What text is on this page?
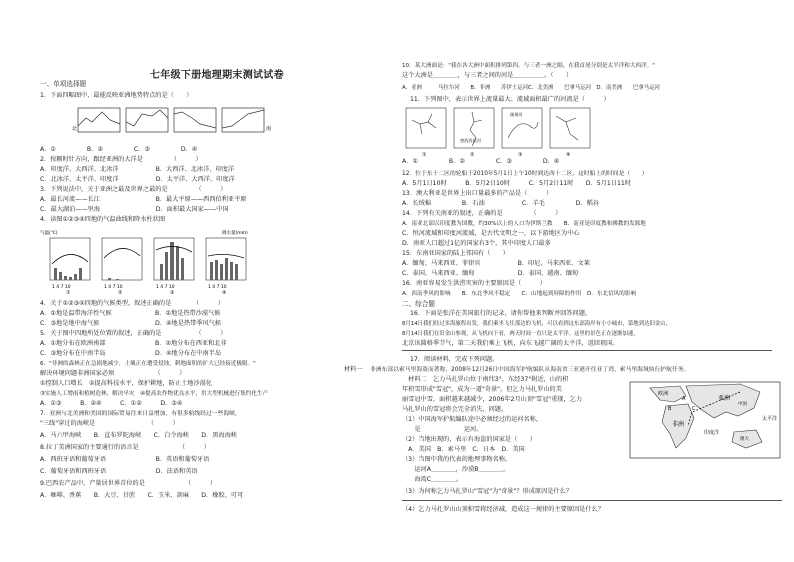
七年级下册地理期末测试试卷
一、单项选择题
1．下面四幅图中，最能反映亚洲地势特点的是（　　）
北	南
A．①　　　　　B．②　　　　　C．③　　　　　D．④
2．按顺时针方向，跟经亚洲的大洋是　　　　　（　　　）
A．印度洋、大西洋、北冰洋　　　　　　B．大西洋、北冰洋、印度洋
C．北冰洋、太平洋、印度洋　　　　　　D．太平洋、大西洋、印度洋
3．下列说法中，关于亚洲之最及世界之最的是　　　　　（　　　）
A．最长河流——长江　　　　　　　　　B．最大平原——西西伯利亚平原
C．最大湖泊——里海　　　　　　　　　D．面积最大国家——中国
4．读图①②③④四地的气温曲线和降水柱状图
气温(℃)	降水量(mm)
1 4 7 10	1 4 7 10	1 4 7 10	1 4 7 10
①	②	③	④
4．关于①②③④四地的气候类型，叙述正确的是　　　　（　　　）
A．①地是温带海洋性气候　　　　　　　B．②地是热带沙漠气候
C．③地是地中海气候　　　　　　　　　D．④地是热带季风气候
5．关于图中四地所处位置的叙述，正确的是　　　　　　（　　　）
A．①地分布在欧洲南部　　　　　　　　B．②地分布在西亚和北非
C．③地分布在中南半岛　　　　　　　　D．④地分布在中南半岛
6．"非洲的森林正在急剧地减少，土壤正在遭受侵蚀，耕地面积的扩大已经接近极限。"
解决环境问题非洲国家必须　　　　　　　（　　　）
①控制人口增长　②提高科技水平，保护耕地，防止土地沙漠化
③实施人工增雨和植树造林，解决旱灾　④提高农作物优良水平，用大型机械进行集约化生产
A．①③　　　B．②④　　　C．①②　　　D．③④
7．亚洲与北美洲和美国的国际贸易往来日益增加，有很多航线经过一些海峡，
"三线"穿过的海峡是　　　　　　　　　（　　　）
A．马六甲海峡　　B．直布罗陀海峡　　C．白令海峡　　D．黑海海峡
8.拉丁美洲国家的主要通行的语言是　　　　　　　（　　　）
A．西班牙语和葡萄牙语　　　　　　　　B．英语和葡萄牙语
C．葡萄牙语和西班牙语　　　　　　　　D．法语和英语
9.巴西农产品中，产量居世界首位的是　　　　　　　（　　　）
A．咖啡、香蕉　　B．大豆、甘蔗　　C．玉米、剑麻　　D．橡胶、可可
10．某大洲面是："我在各大洲中面积排列第四，与三者一洲之隔，在我首尾分别是太平洋和大西洋。"
这个大洲是＿＿＿＿，与三者之间的河是＿＿＿＿＿。（　　）
A．亚洲　　　马拉尔河　　B．非洲　　苏伊士运河C．北美洲　　巴拿马运河　D．南美洲　　巴拿马运河
11．下列图中，表示世界上流量最大、流域面积最广的河流是（　　　）
密西西比河
刚果河
①	②	③	④
A．①　　　　　B．②　　　　　C．③　　　　　D．④
12．位于东十二区的轮船于2010年5月1日上午10时到达西十二区，这时船上的时间是（　　）
A．5月1日10时　　　B．5月2日10时　　　C．5月2日11时　　D．5月1日11时
13．澳大利亚是世界上出口量最多的产品是（　　　）
A．长绒棉　　　　　B．石油　　　　　　C．羊毛　　　　　D．稻谷
14．下列有关南亚的叙述，正确的是　　　　　（　　　）
A．南亚北部以印度教为国教，约30%以上的人口为伊斯兰教　　B．南亚是印度教和佛教的发源地
C．恒河流域和印度河流域，是古代文明之一，以下游地区为中心
D．南亚人口超过1亿的国家有3个，其中印度人口最多
15．东南亚国家的陆上邻国有（　　）
A．缅甸、马来西亚、菲律宾　　　　　　B．印尼、马来西亚、文莱
C．泰国、马来西亚、缅甸　　　　　　　D．泰国、越南、缅甸
16．南亚容易发生洪涝灾害的主要原因是（　　　）
A．西南季风的影响　　B．东北季风不稳定　　C．山地起到屏障的作用　D．东北信风的影响
二、综合题
16．下面是张洋在美国旅行的记录，请你帮他来判断并回答问题。
8月14日我们经过多海旅程出发，我们乘坐飞往那边的飞机，可以看到这东部海岸有小小城市，第地到达旧金山，
8月14日我们在旧金山参观，从飞机向下看，两天时间一直只是太平洋。这里的景色正在逐渐加速，
北京该圆格季节气，第二天我们乘上飞机，向东飞越广阔的太平洋，返回祖国。
17．阅读材料，完成下列问题。
材料一 非洲东部以索马里海盗而著称，2008年12月26日中国海军护航编队从海南省三亚港开往亚丁湾、索马里海域执行护航任务。
　材料二　乞力马扎罗山位于南纬3°，东经37°附近，山的积
年积雪形成"雪冠"，成为一道"奇景"。但乞力马扎罗山的美
丽雪冠中雪，面积越来越减少，2006年2月山顶"雪冠"重现，乞力
马扎罗山的雪冠将会完全消失，问题。
（1）中国海军护航编队途中必须经过的运河名称，
　　是　　　　　　　运河。
（2）当地出现的，表示有海盗的国家是（　　）
　A．美国　B．索马里　C．日本　D．美国
（3）当图中我的代表的地理事物名称。
　　运河A＿＿＿＿，沙漠B＿＿＿＿。
　　海湾C＿＿＿＿。
（3）为何称乞力马扎罗山"雪冠"为"奇景"？形成原因是什么？
（4）乞力马扎罗山山顶积雪将经济减，造成这一规律的主要原因是什么？
欧洲
亚洲
非洲
印度洋
太平洋
中国
澳大
A
B	C
